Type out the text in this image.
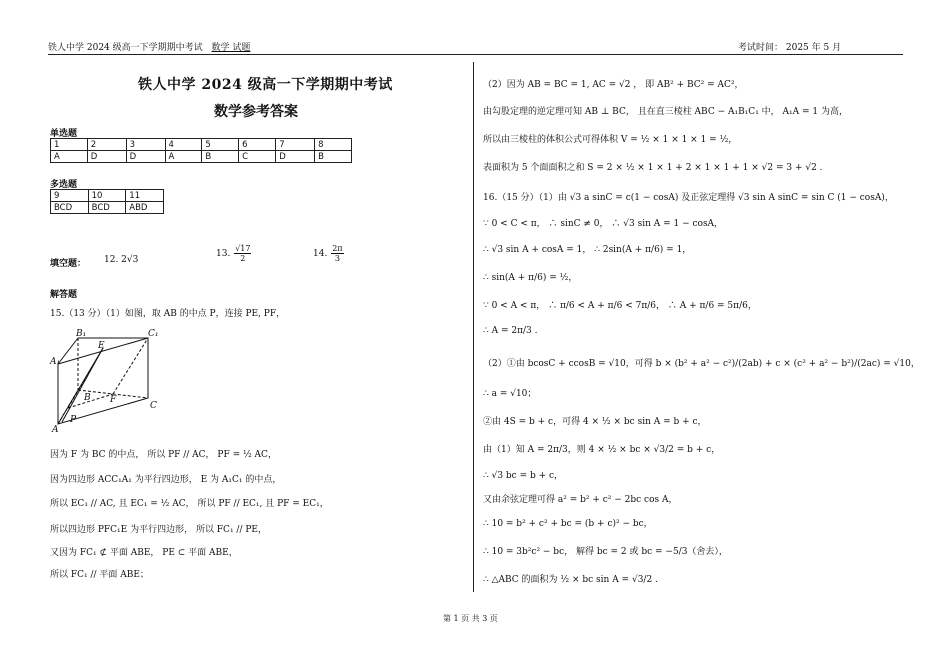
铁人中学 2024 级高一下学期期中考试 数学 试题	考试时间： 2025 年 5 月
铁人中学 2024 级高一下学期期中考试
数学参考答案
单选题
1	2	3	4	5	6	7	8
A	D	D	A	B	C	D	B
多选题
9	10	11
BCD	BCD	ABD
填空题： 12. 2√3
13. $\frac{√17}{2}$	14. $\frac{2\pi}{3}$
解答题
15.（13 分）（1）如图，取 AB 的中点 P，连接 PE, PF，
B₁	C₁
A₁
E
B F
C
P
A
因为 F 为 BC 的中点， 所以 PF // AC， PF = ½ AC，
因为四边形 ACC₁A₁ 为平行四边形， E 为 A₁C₁ 的中点，
所以 EC₁ // AC, 且 EC₁ = ½ AC， 所以 PF // EC₁, 且 PF = EC₁，
所以四边形 PFC₁E 为平行四边形， 所以 FC₁ // PE，
又因为 FC₁ ⊄ 平面 ABE， PE ⊂ 平面 ABE，
所以 FC₁ // 平面 ABE；
（2）因为 AB = BC = 1, AC = √2 ， 即 AB² + BC² = AC²，
由勾股定理的逆定理可知 AB ⊥ BC， 且在直三棱柱 ABC − A₁B₁C₁ 中， A₁A = 1 为高，
所以由三棱柱的体积公式可得体积 V = ½ × 1 × 1 × 1 = ½，
表面积为 5 个面面积之和 S = 2 × ½ × 1 × 1 + 2 × 1 × 1 + 1 × √2 = 3 + √2 .
16.（15 分）（1）由 √3 a sinC = c(1 − cosA) 及正弦定理得 √3 sin A sinC = sin C (1 − cosA)，
∵ 0 < C < π， ∴ sinC ≠ 0， ∴ √3 sin A = 1 − cosA，
∴ √3 sin A + cosA = 1， ∴ 2sin(A + π/6) = 1，
∴ sin(A + π/6) = ½，
∵ 0 < A < π， ∴ π/6 < A + π/6 < 7π/6， ∴ A + π/6 = 5π/6，
∴ A = 2π/3 .
（2）①由 bcosC + ccosB = √10，可得 b × (b² + a² − c²)/(2ab) + c × (c² + a² − b²)/(2ac) = √10，
∴ a = √10；
②由 4S = b + c，可得 4 × ½ × bc sin A = b + c，
由（1）知 A = 2π/3，则 4 × ½ × bc × √3/2 = b + c，
∴ √3 bc = b + c，
又由余弦定理可得 a² = b² + c² − 2bc cos A，
∴ 10 = b² + c² + bc = (b + c)² − bc，
∴ 10 = 3b²c² − bc， 解得 bc = 2 或 bc = −5/3（舍去），
∴ △ABC 的面积为 ½ × bc sin A = √3/2 .
第 1 页 共 3 页
